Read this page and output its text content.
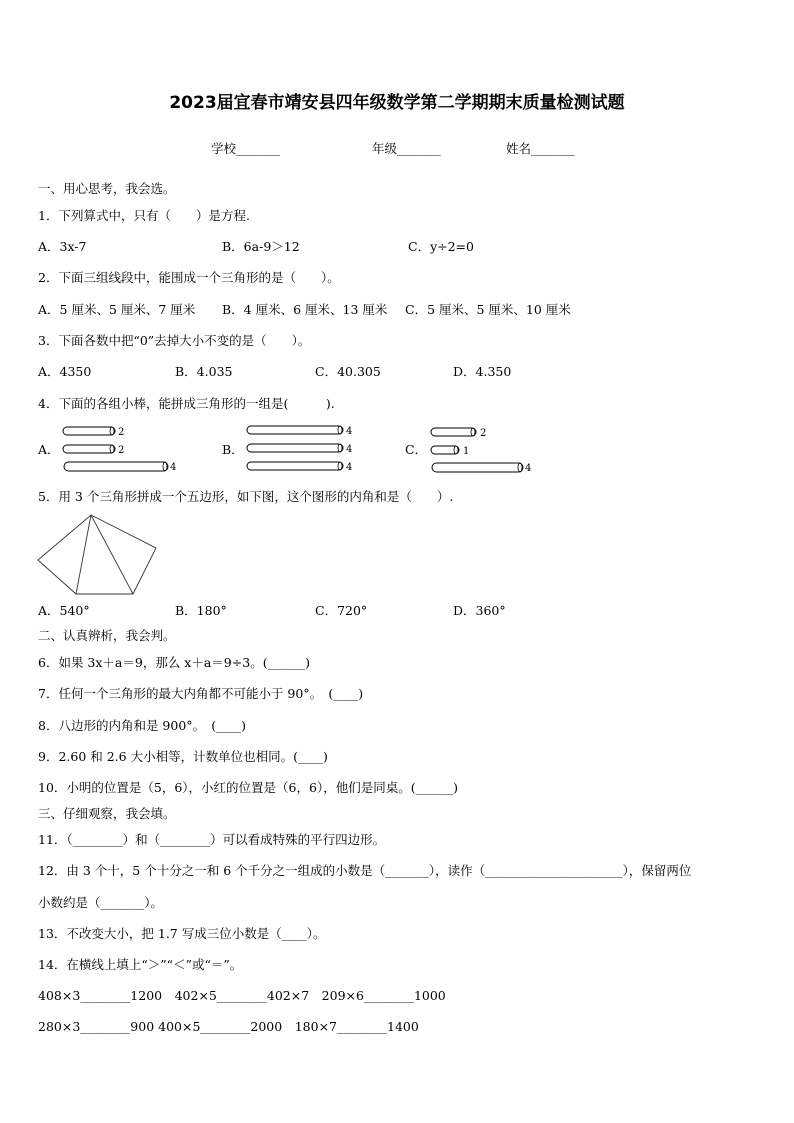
2023届宜春市靖安县四年级数学第二学期期末质量检测试题
学校_______	年级_______	姓名_______
一、用心思考，我会选。
1．下列算式中，只有（　　）是方程.
A．3x-7	B．6a-9＞12	C．y÷2=0
2．下面三组线段中，能围成一个三角形的是（　　）。
A．5 厘米、5 厘米、7 厘米 B．4 厘米、6 厘米、13 厘米 C．5 厘米、5 厘米、10 厘米
3．下面各数中把“0”去掉大小不变的是（　　）。
A．4350	B．4.035	C．40.305	D．4.350
4．下面的各组小棒，能拼成三角形的一组是(　　　).
A．	B．	C．
2
2
4
4
4
4
2
1
4
5．用 3 个三角形拼成一个五边形，如下图，这个图形的内角和是（　　）.
A．540°	B．180°	C．720°	D．360°
二、认真辨析，我会判。
6．如果 3x＋a＝9，那么 x＋a＝9÷3。(______)
7．任何一个三角形的最大内角都不可能小于 90°。　(____)
8．八边形的内角和是 900°。　(____)
9．2.60 和 2.6 大小相等，计数单位也相同。(____)
10．小明的位置是（5，6），小红的位置是（6，6），他们是同桌。(______)
三、仔细观察，我会填。
11．（________）和（________）可以看成特殊的平行四边形。
12．由 3 个十，5 个十分之一和 6 个千分之一组成的小数是（_______），读作（______________________），保留两位
小数约是（_______）。
13．不改变大小，把 1.7 写成三位小数是（____）。
14．在横线上填上“＞”“＜”或“＝”。
408×3________1200　402×5________402×7　209×6________1000
280×3________900 400×5________2000　180×7________1400
